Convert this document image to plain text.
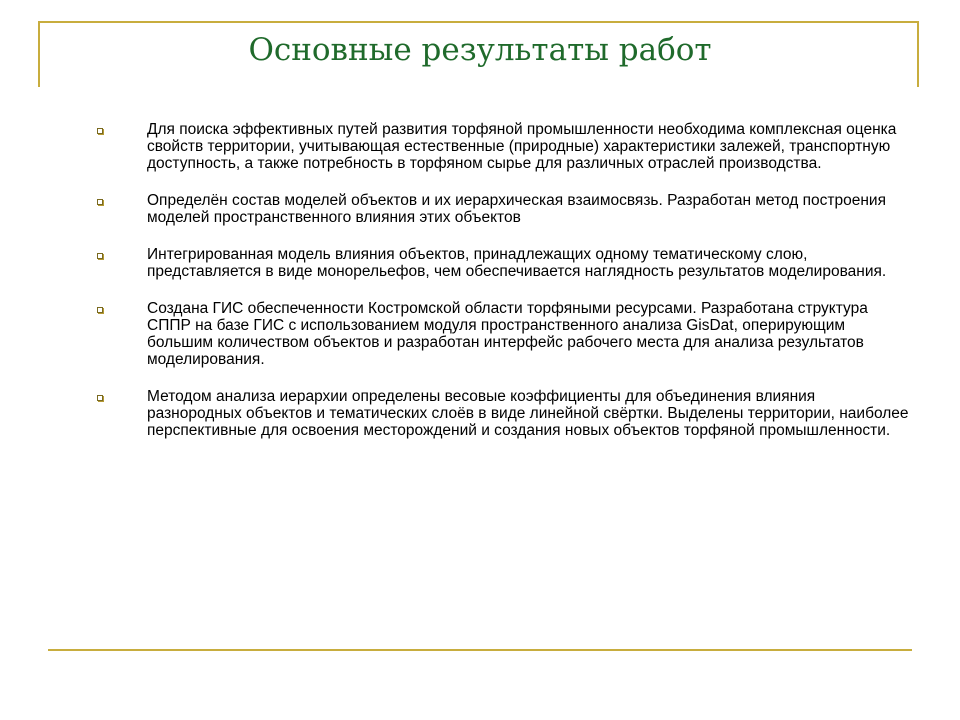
Основные результаты работ
Для поиска эффективных путей развития торфяной промышленности необходима комплексная оценка свойств территории, учитывающая естественные (природные) характеристики залежей, транспортную доступность, а также потребность в торфяном сырье для различных отраслей производства.
Определён состав моделей объектов и их иерархическая взаимосвязь. Разработан метод построения моделей пространственного влияния этих объектов
Интегрированная модель влияния объектов, принадлежащих одному тематическому слою, представляется в виде монорельефов, чем обеспечивается наглядность результатов моделирования.
Создана ГИС обеспеченности Костромской области торфяными ресурсами. Разработана структура СППР на базе ГИС с использованием модуля пространственного анализа GisDat, оперирующим большим количеством объектов и разработан интерфейс рабочего места для анализа результатов моделирования.
Методом анализа иерархии определены весовые коэффициенты для объединения влияния разнородных объектов и тематических слоёв в виде линейной свёртки. Выделены территории, наиболее перспективные для освоения месторождений и создания новых объектов торфяной промышленности.
